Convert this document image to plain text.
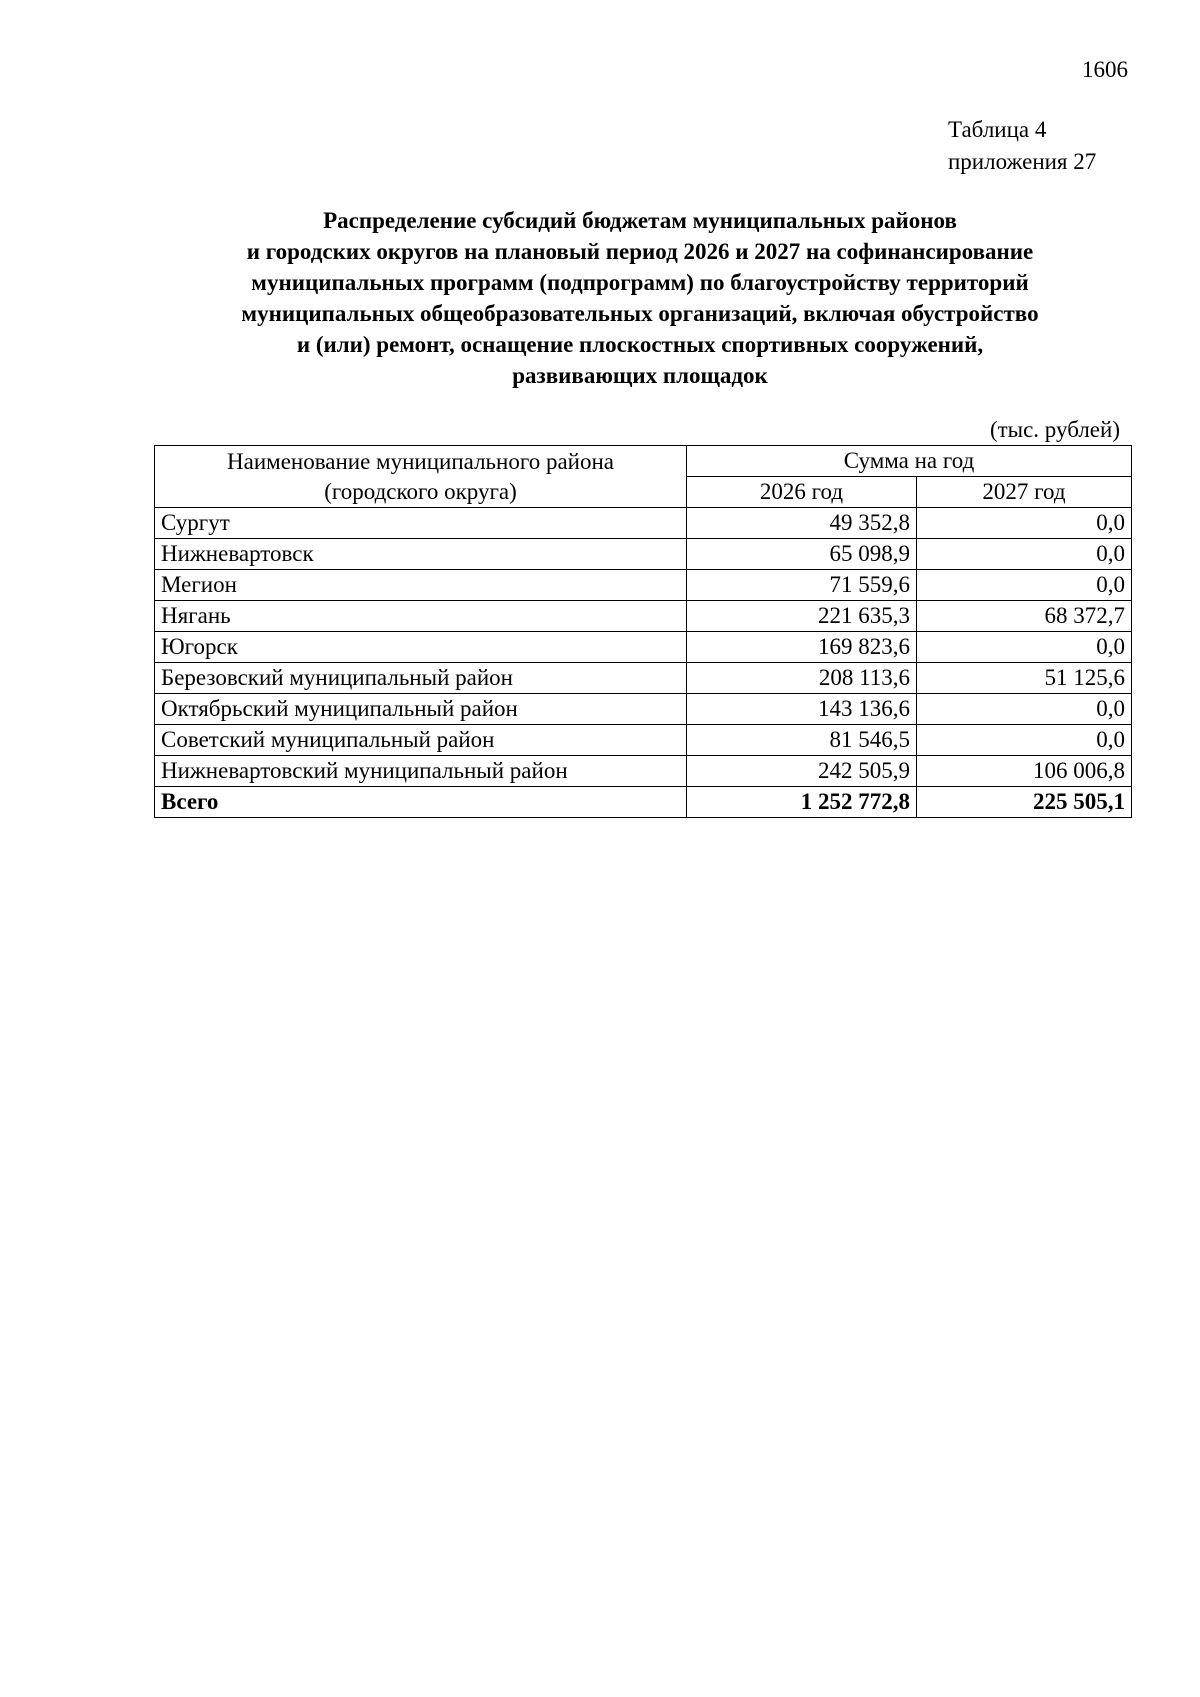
1606
Таблица 4
приложения 27
Распределение субсидий бюджетам муниципальных районов
и городских округов на плановый период 2026 и 2027 на софинансирование
муниципальных программ (подпрограмм) по благоустройству территорий
муниципальных общеобразовательных организаций, включая обустройство
и (или) ремонт, оснащение плоскостных спортивных сооружений,
развивающих площадок
(тыс. рублей)
Наименование муниципального района
(городского округа)	Сумма на год	
	2026 год	2027 год
Сургут	49 352,8	0,0
Нижневартовск	65 098,9	0,0
Мегион	71 559,6	0,0
Нягань	221 635,3	68 372,7
Югорск	169 823,6	0,0
Березовский муниципальный район	208 113,6	51 125,6
Октябрьский муниципальный район	143 136,6	0,0
Советский муниципальный район	81 546,5	0,0
Нижневартовский муниципальный район	242 505,9	106 006,8
Всего	1 252 772,8	225 505,1
